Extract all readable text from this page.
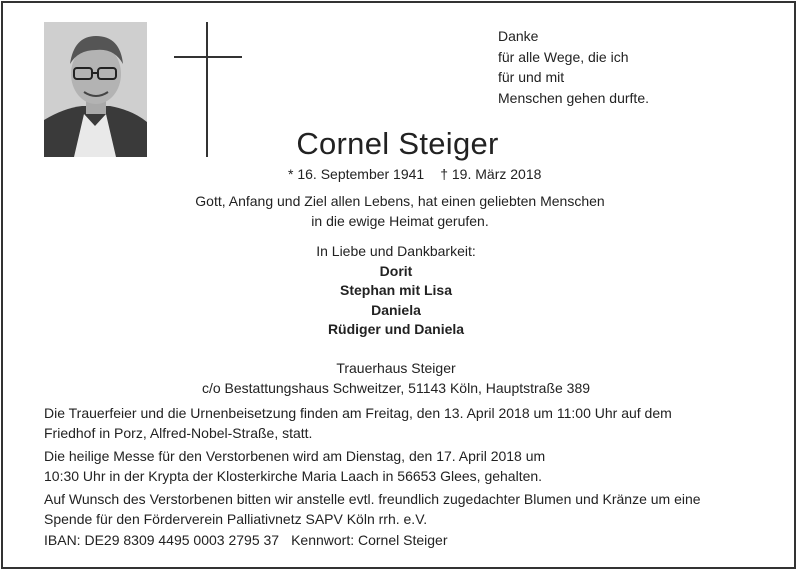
Danke
für alle Wege, die ich
für und mit
Menschen gehen durfte.
Cornel Steiger
* 16. September 1941 † 19. März 2018
Gott, Anfang und Ziel allen Lebens, hat einen geliebten Menschen
in die ewige Heimat gerufen.
In Liebe und Dankbarkeit:
Dorit
Stephan mit Lisa
Daniela
Rüdiger und Daniela
Trauerhaus Steiger
c/o Bestattungshaus Schweitzer, 51143 Köln, Hauptstraße 389
Die Trauerfeier und die Urnenbeisetzung finden am Freitag, den 13. April 2018 um 11:00 Uhr auf dem
Friedhof in Porz, Alfred-Nobel-Straße, statt.
Die heilige Messe für den Verstorbenen wird am Dienstag, den 17. April 2018 um
10:30 Uhr in der Krypta der Klosterkirche Maria Laach in 56653 Glees, gehalten.
Auf Wunsch des Verstorbenen bitten wir anstelle evtl. freundlich zugedachter Blumen und Kränze um eine
Spende für den Förderverein Palliativnetz SAPV Köln rrh. e.V.
IBAN: DE29 8309 4495 0003 2795 37 Kennwort: Cornel Steiger
